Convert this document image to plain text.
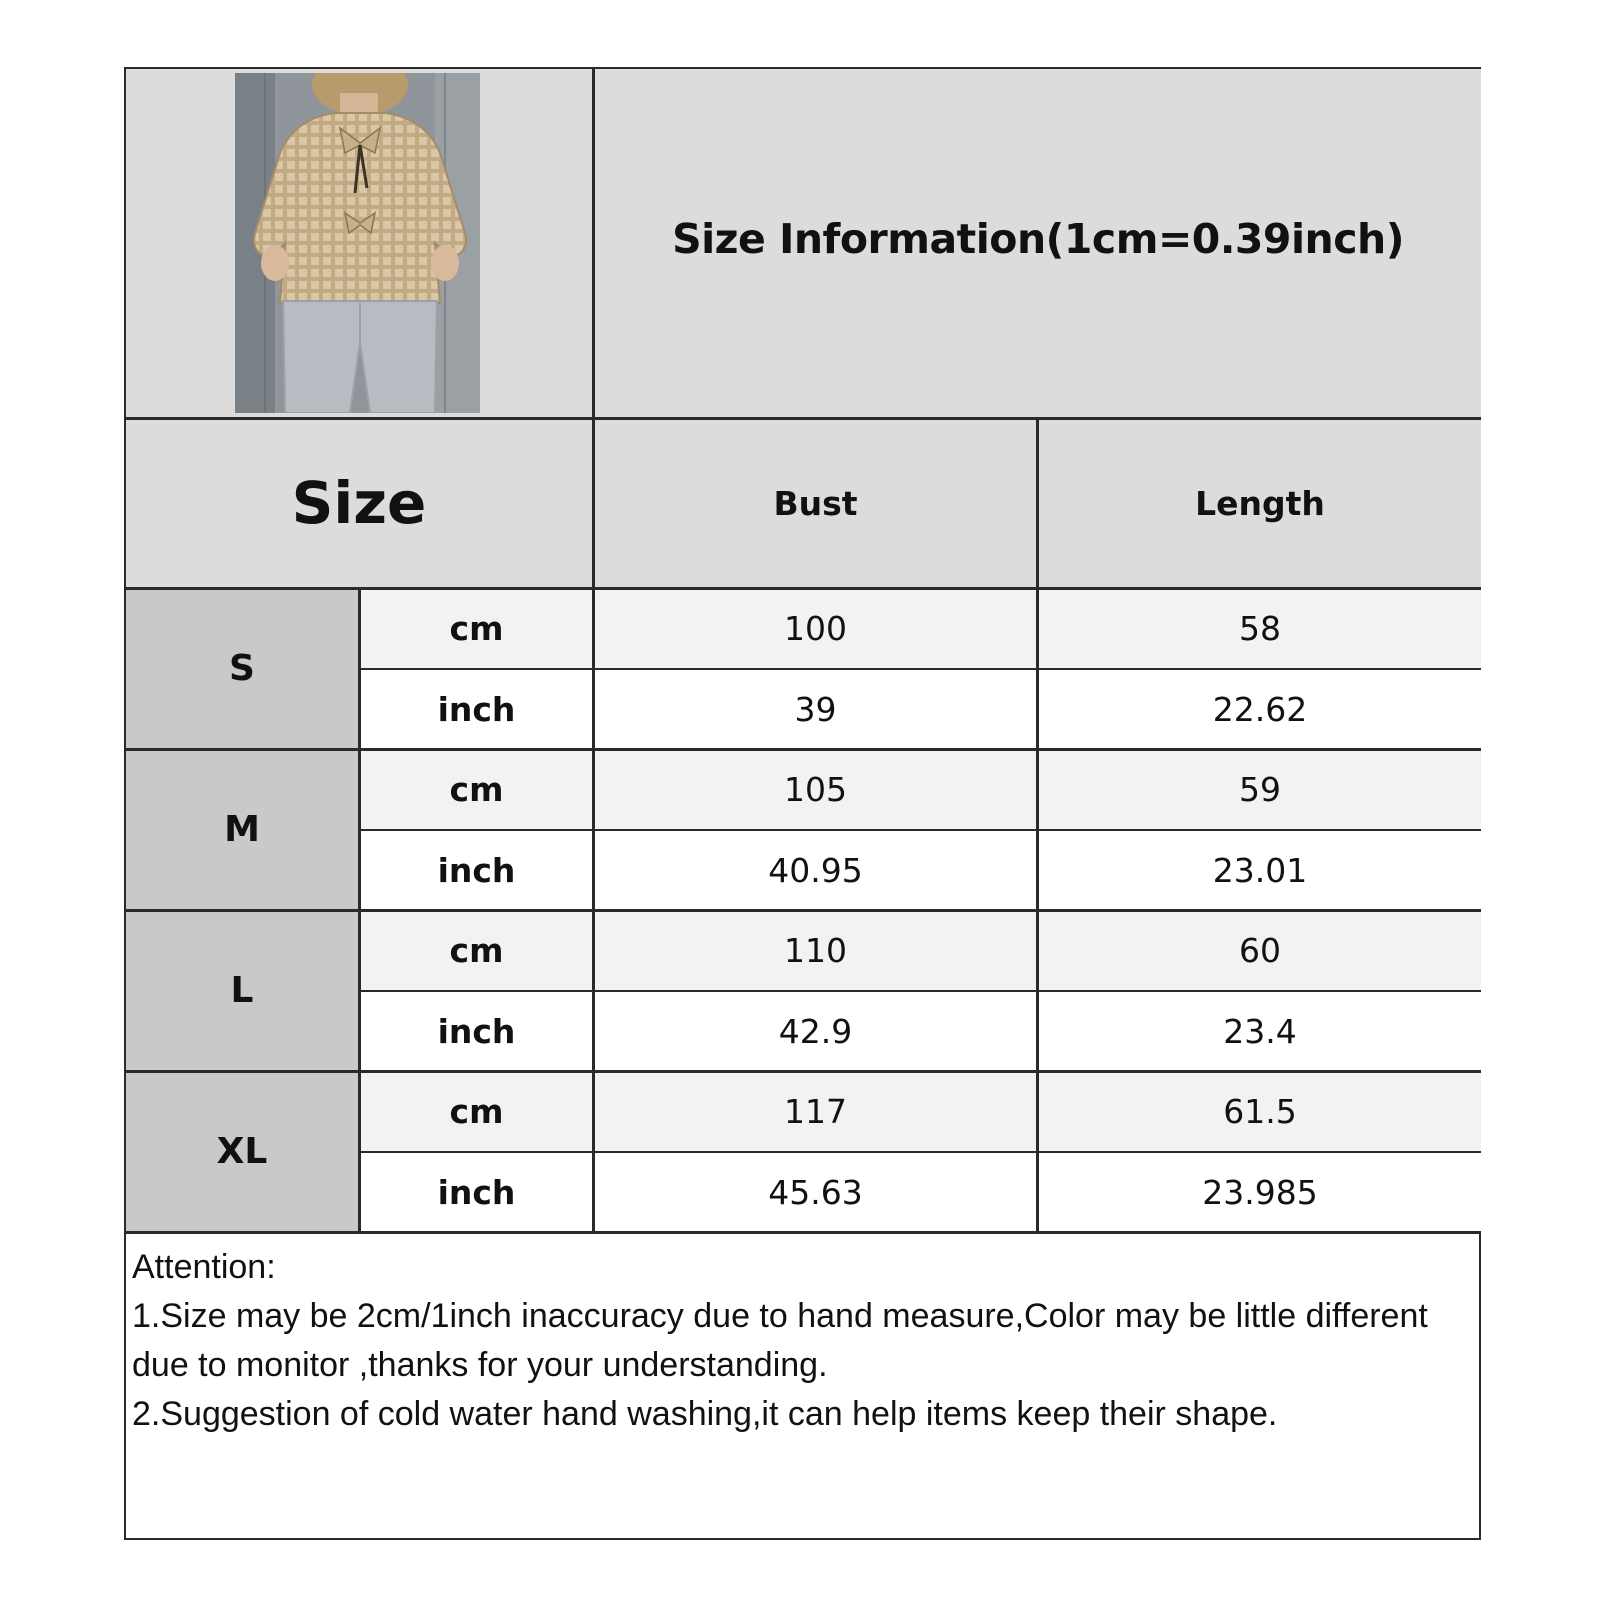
Size Information(1cm=0.39inch)
Size	Bust	Length
S
cm	100	58
inch	39	22.62
M
cm	105	59
inch	40.95	23.01
L
cm	110	60
inch	42.9	23.4
XL
cm	117	61.5
inch	45.63	23.985
Attention:
1.Size may be 2cm/1inch inaccuracy due to hand measure,Color may be little different due to monitor ,thanks for your understanding.
2.Suggestion of cold water hand washing,it can help items keep their shape.
